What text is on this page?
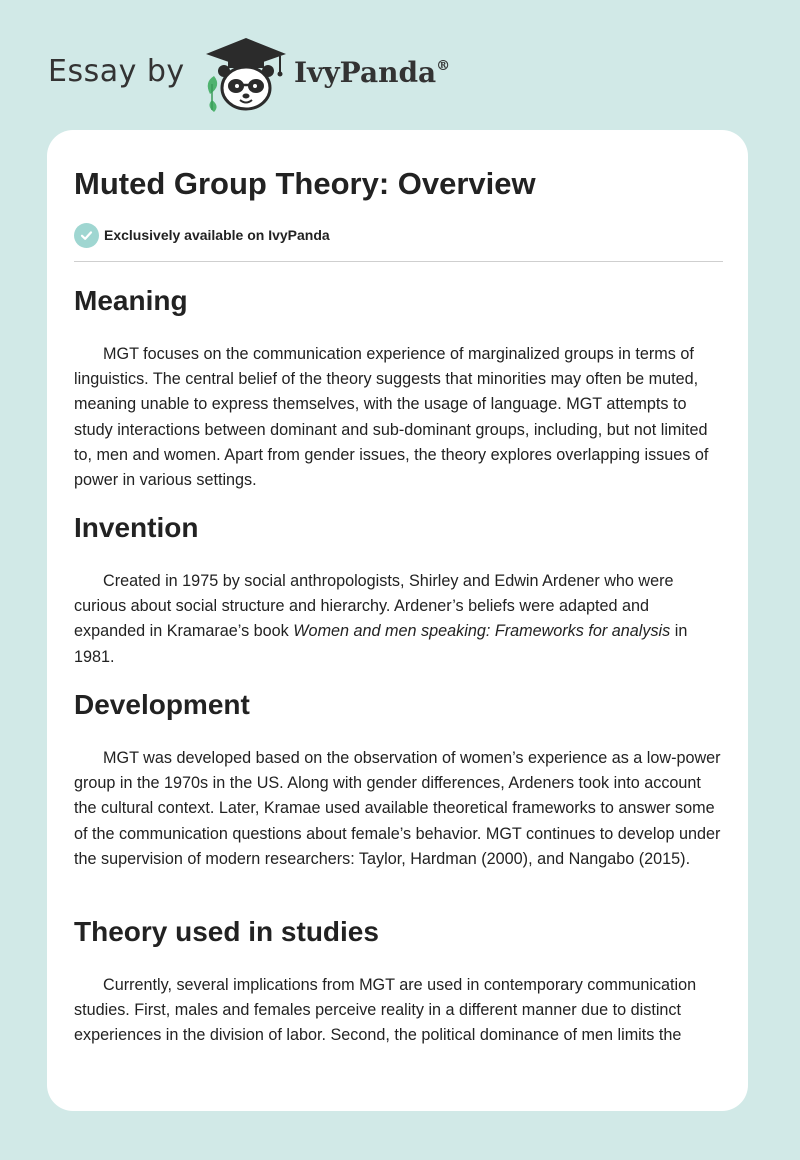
Essay by	IvyPanda®
Muted Group Theory: Overview
Exclusively available on IvyPanda
Meaning

MGT focuses on the communication experience of marginalized groups in terms of linguistics. The central belief of the theory suggests that minorities may often be muted, meaning unable to express themselves, with the usage of language. MGT attempts to study interactions between dominant and sub-dominant groups, including, but not limited to, men and women. Apart from gender issues, the theory explores overlapping issues of power in various settings.

Invention

Created in 1975 by social anthropologists, Shirley and Edwin Ardener who were curious about social structure and hierarchy. Ardener’s beliefs were adapted and expanded in Kramarae’s book Women and men speaking: Frameworks for analysis in 1981.

Development

MGT was developed based on the observation of women’s experience as a low-power group in the 1970s in the US. Along with gender differences, Ardeners took into account the cultural context. Later, Kramae used available theoretical frameworks to answer some of the communication questions about female’s behavior. MGT continues to develop under the supervision of modern researchers: Taylor, Hardman (2000), and Nangabo (2015).

Theory used in studies

Currently, several implications from MGT are used in contemporary communication studies. First, males and females perceive reality in a different manner due to distinct experiences in the division of labor. Second, the political dominance of men limits the
